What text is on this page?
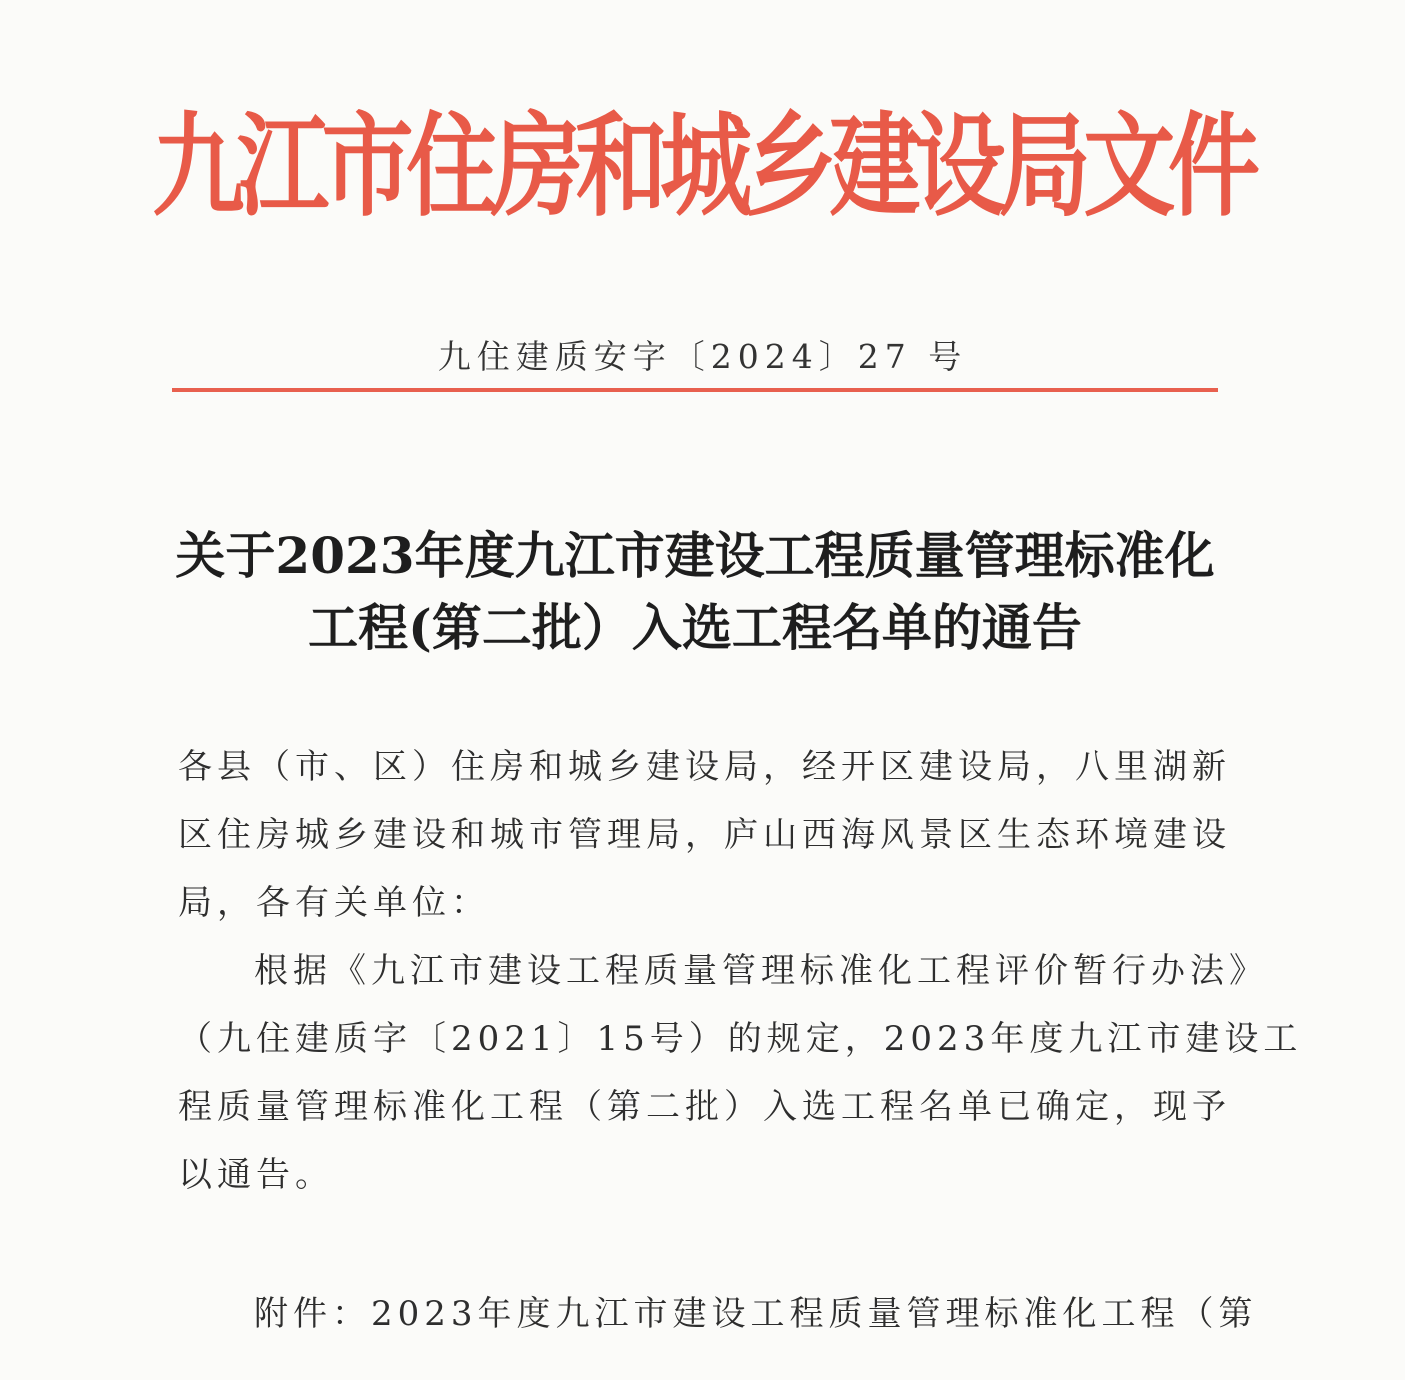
九江市住房和城乡建设局文件
九住建质安字〔2024〕27 号
关于2023年度九江市建设工程质量管理标准化
工程(第二批）入选工程名单的通告
各县（市、区）住房和城乡建设局，经开区建设局，八里湖新
区住房城乡建设和城市管理局，庐山西海风景区生态环境建设
局，各有关单位：
根据《九江市建设工程质量管理标准化工程评价暂行办法》
（九住建质字〔2021〕15号）的规定，2023年度九江市建设工
程质量管理标准化工程（第二批）入选工程名单已确定，现予
以通告。
附件：2023年度九江市建设工程质量管理标准化工程（第
